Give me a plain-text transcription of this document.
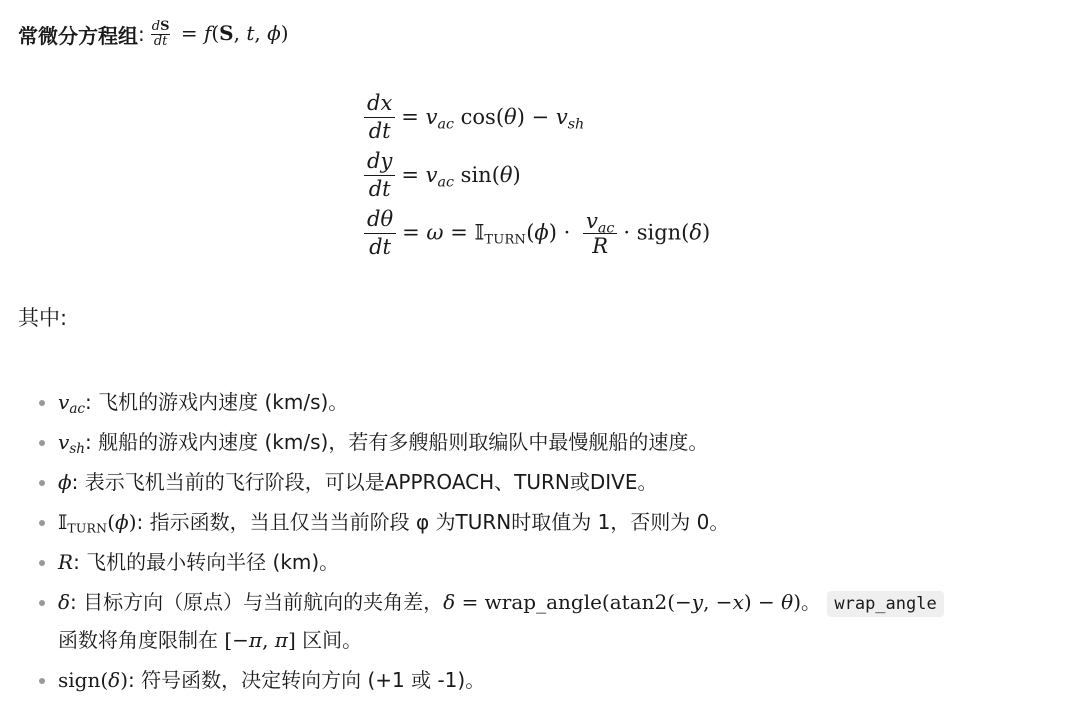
常微分方程组 : $\frac{dS}{dt} = f(S$, t, ϕ)
$\frac{dx}{dt} = v_{ac}$ $\cos(\theta) - v_{sh}$
$\frac{dy}{dt} = v_{ac}$ sin(θ)
$\frac{d\theta}{dt} = \omega$ = 𝕀TURN(ϕ) · $\frac{v_{ac}}{R}$ · sign(δ)
其中:
$v_{ac}$: 飞机的游戏内速度 (km/s)。
$v_{sh}$: 舰船的游戏内速度 (km/s)，若有多艘船则取编队中最慢舰船的速度。
ϕ: 表示飞机当前的飞行阶段，可以是APPROACH、TURN或DIVE。
𝕀TURN(ϕ): 指示函数，当且仅当当前阶段 φ 为TURN时取值为 1，否则为 0。
R: 飞机的最小转向半径 (km)。
δ: 目标方向（原点）与当前航向的夹角差，δ = wrap_angle(atan2(−y, −x) − θ)。 wrap_angle
函数将角度限制在 [−π, π] 区间。
sign(δ): 符号函数，决定转向方向 (+1 或 -1)。
